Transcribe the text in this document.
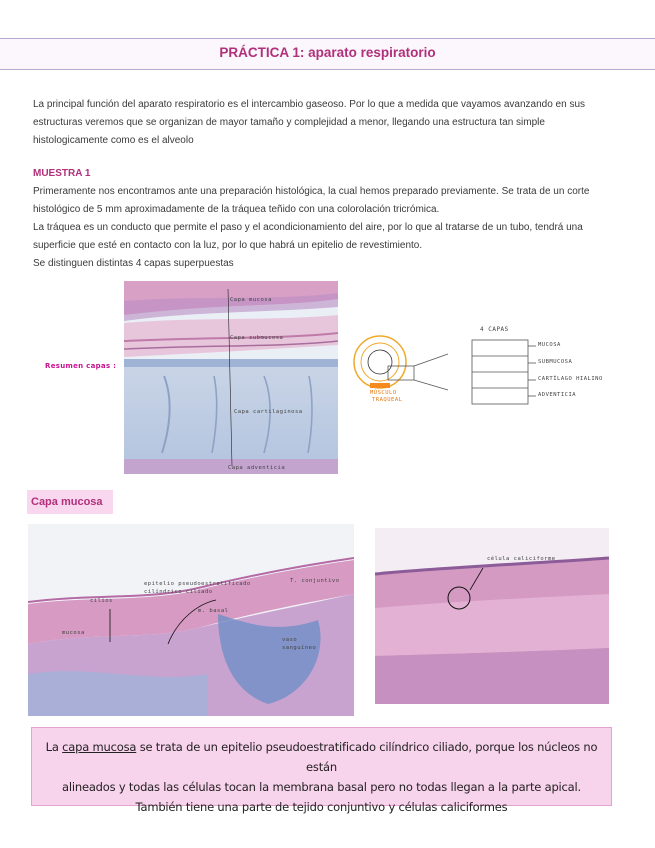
PRÁCTICA 1: aparato respiratorio
La principal función del aparato respiratorio es el intercambio gaseoso. Por lo que a medida que vayamos avanzando en sus
estructuras veremos que se organizan de mayor tamaño y complejidad a menor, llegando una estructura tan simple
histologicamente como es el alveolo
MUESTRA 1
Primeramente nos encontramos ante una preparación histológica, la cual hemos preparado previamente. Se trata de un corte
histológico de 5 mm aproximadamente de la tráquea teñido con una colorolación tricrómica.
La tráquea es un conducto que permite el paso y el acondicionamiento del aire, por lo que al tratarse de un tubo, tendrá una
superficie que esté en contacto con la luz, por lo que habrá un epitelio de revestimiento.
Se distinguen distintas 4 capas superpuestas
Resumen capas :
Capa mucosa
Capa submucosa
Capa cartilaginosa
Capa adventicia
4 CAPAS
MUCOSA
SUBMUCOSA
CARTÍLAGO HIALINO
ADVENTICIA
MÚSCULO
TRAQUEAL
Capa mucosa
cilios
mucosa
epitelio pseudoestratificado cilíndrico ciliado
m. basal
T. conjuntivo
vaso sanguíneo
célula caliciforme

La capa mucosa se trata de un epitelio pseudoestratificado cilíndrico ciliado, porque los núcleos no están
alineados y todas las células tocan la membrana basal pero no todas llegan a la parte apical.
También tiene una parte de tejido conjuntivo y células caliciformes
